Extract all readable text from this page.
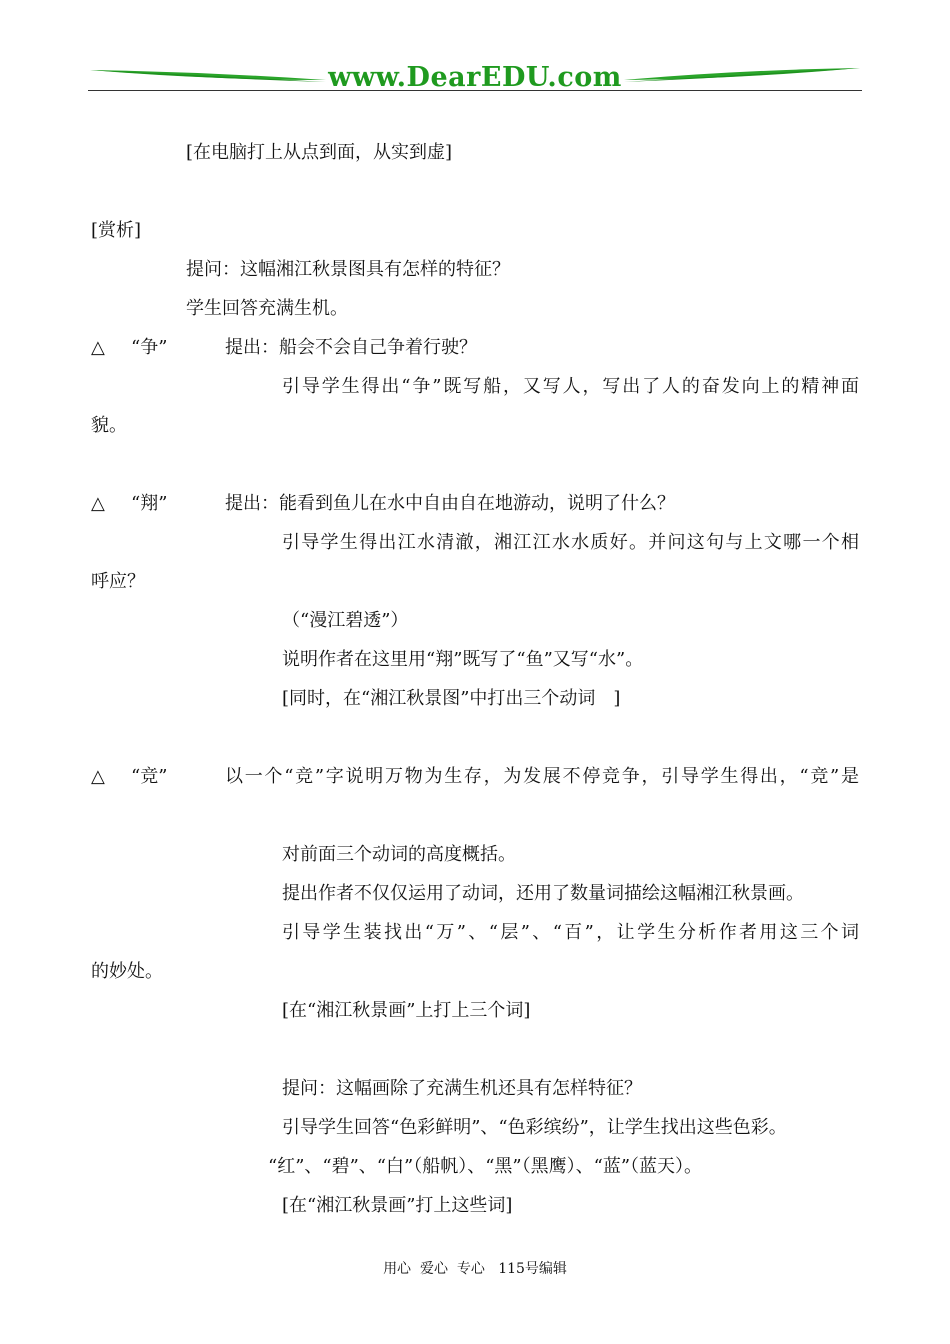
www.DearEDU.com
[在电脑打上从点到面，从实到虚]
[赏析]
提问：这幅湘江秋景图具有怎样的特征？
学生回答充满生机。
△ “争”	提出：船会不会自己争着行驶？
引导学生得出“争”既写船，又写人，写出了人的奋发向上的精神面
貌。
△ “翔”	提出：能看到鱼儿在水中自由自在地游动，说明了什么？
引导学生得出江水清澈，湘江江水水质好。并问这句与上文哪一个相
呼应？
（“漫江碧透”）
说明作者在这里用“翔”既写了“鱼”又写“水”。
[同时，在“湘江秋景图”中打出三个动词　]
△ “竞”	以一个“竞”字说明万物为生存，为发展不停竞争，引导学生得出，“竞”是
对前面三个动词的高度概括。
提出作者不仅仅运用了动词，还用了数量词描绘这幅湘江秋景画。
引导学生装找出“万”、“层”、“百”，让学生分析作者用这三个词
的妙处。
[在“湘江秋景画”上打上三个词]
提问：这幅画除了充满生机还具有怎样特征？
引导学生回答“色彩鲜明”、“色彩缤纷”，让学生找出这些色彩。
“红”、“碧”、“白”（船帆）、“黑”（黑鹰）、“蓝”（蓝天）。
[在“湘江秋景画”打上这些词]
用心  爱心  专心   115号编辑
